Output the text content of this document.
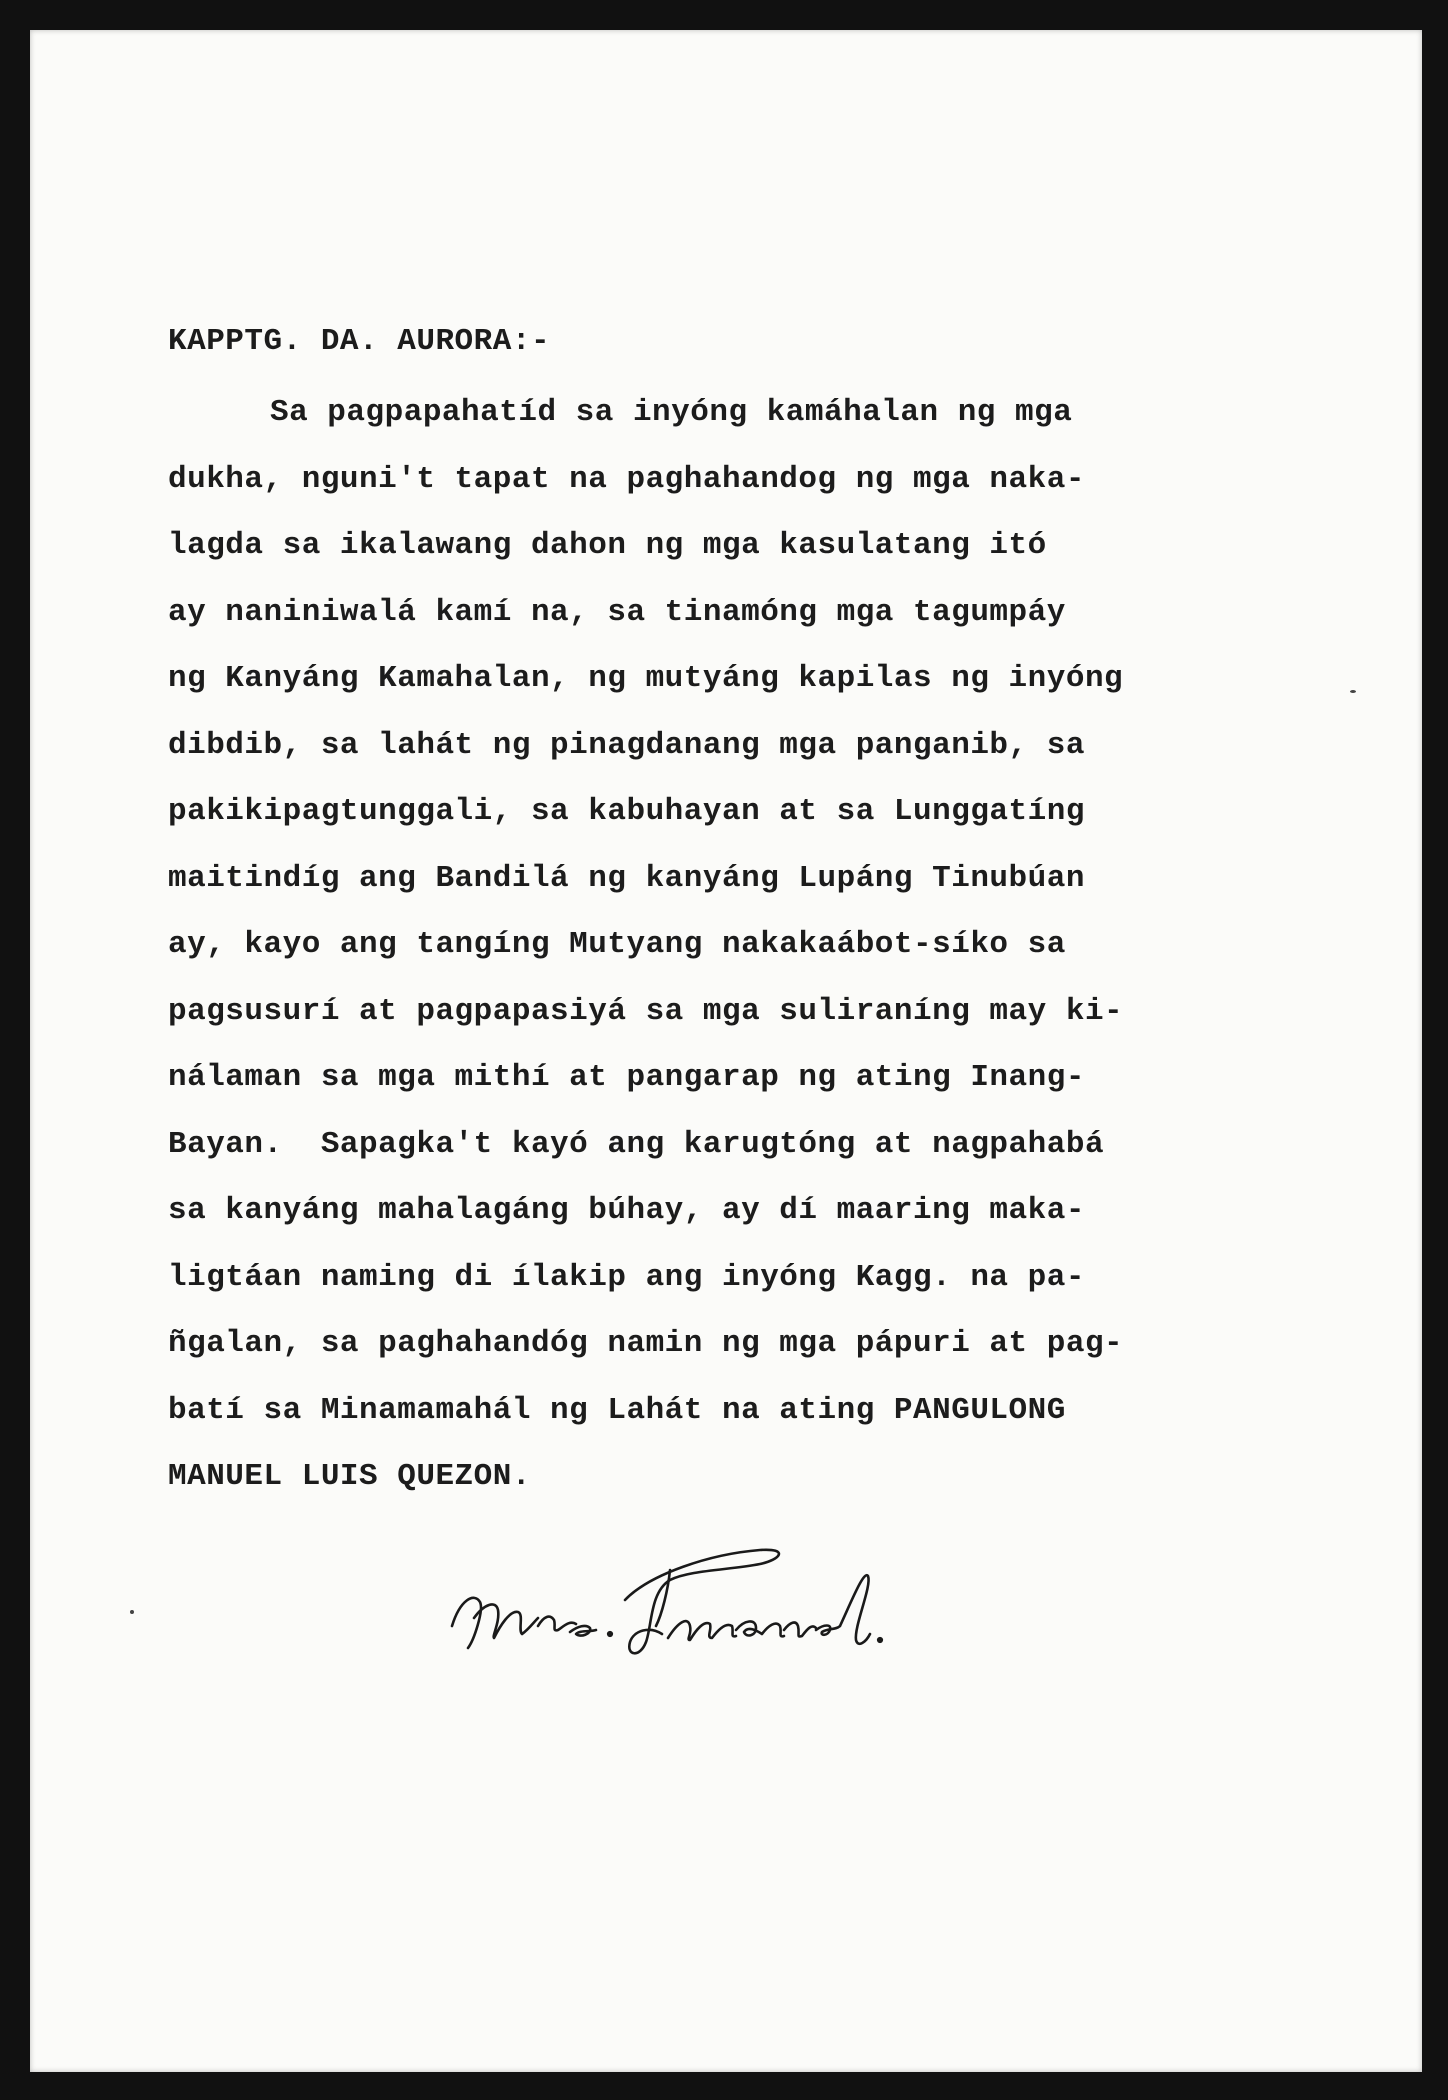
KAPPTG. DA. AURORA:-
Sa pagpapahatíd sa inyóng kamáhalan ng mga
dukha, nguni't tapat na paghahandog ng mga naka-
lagda sa ikalawang dahon ng mga kasulatang itó
ay naniniwalá kamí na, sa tinamóng mga tagumpáy
ng Kanyáng Kamahalan, ng mutyáng kapilas ng inyóng
dibdib, sa lahát ng pinagdanang mga panganib, sa
pakikipagtunggali, sa kabuhayan at sa Lunggatíng
maitindíg ang Bandilá ng kanyáng Lupáng Tinubúan
ay, kayo ang tangíng Mutyang nakakaábot-síko sa
pagsusurí at pagpapasiyá sa mga suliraníng may ki-
nálaman sa mga mithí at pangarap ng ating Inang-
Bayan.  Sapagka't kayó ang karugtóng at nagpahabá
sa kanyáng mahalagáng búhay, ay dí maaring maka-
ligtáan naming di ílakip ang inyóng Kagg. na pa-
ñgalan, sa paghahandóg namin ng mga pápuri at pag-
batí sa Minamamahál ng Lahát na ating PANGULONG
MANUEL LUIS QUEZON.
